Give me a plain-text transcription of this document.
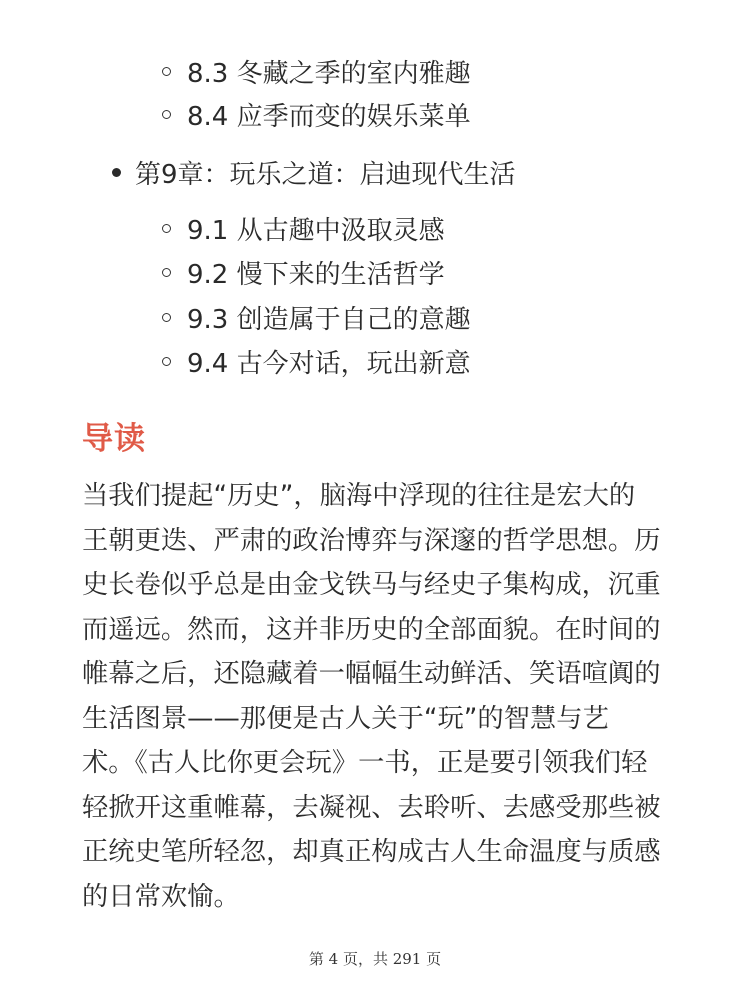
8.3 冬藏之季的室内雅趣
8.4 应季而变的娱乐菜单
第9章：玩乐之道：启迪现代生活
9.1 从古趣中汲取灵感
9.2 慢下来的生活哲学
9.3 创造属于自己的意趣
9.4 古今对话，玩出新意
导读
当我们提起“历史”，脑海中浮现的往往是宏大的
王朝更迭、严肃的政治博弈与深邃的哲学思想。历
史长卷似乎总是由金戈铁马与经史子集构成，沉重
而遥远。然而，这并非历史的全部面貌。在时间的
帷幕之后，还隐藏着一幅幅生动鲜活、笑语喧阗的
生活图景——那便是古人关于“玩”的智慧与艺
术。《古人比你更会玩》一书，正是要引领我们轻
轻掀开这重帷幕，去凝视、去聆听、去感受那些被
正统史笔所轻忽，却真正构成古人生命温度与质感
的日常欢愉。
第 4 页，共 291 页
